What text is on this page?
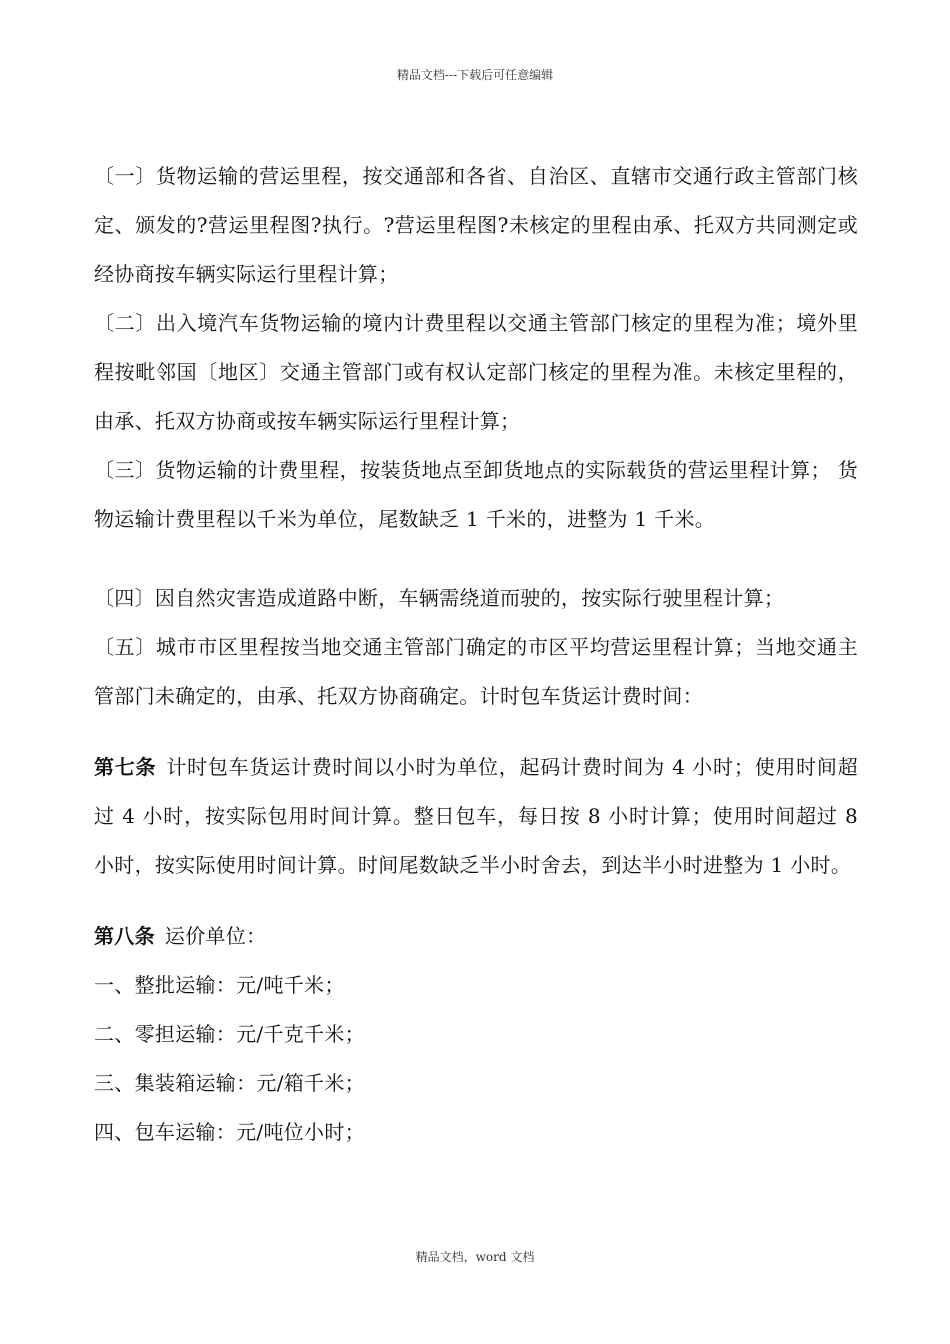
精品文档---下载后可任意编辑

〔一〕货物运输的营运里程，按交通部和各省、自治区、直辖市交通行政主管部门核定、颁发的?营运里程图?执行。?营运里程图?未核定的里程由承、托双方共同测定或经协商按车辆实际运行里程计算；

〔二〕出入境汽车货物运输的境内计费里程以交通主管部门核定的里程为准；境外里程按毗邻国〔地区〕交通主管部门或有权认定部门核定的里程为准。未核定里程的，由承、托双方协商或按车辆实际运行里程计算；

〔三〕货物运输的计费里程，按装货地点至卸货地点的实际载货的营运里程计算； 货物运输计费里程以千米为单位，尾数缺乏 1 千米的，进整为 1 千米。

〔四〕因自然灾害造成道路中断，车辆需绕道而驶的，按实际行驶里程计算；

〔五〕城市市区里程按当地交通主管部门确定的市区平均营运里程计算；当地交通主管部门未确定的，由承、托双方协商确定。计时包车货运计费时间：

第七条 计时包车货运计费时间以小时为单位，起码计费时间为 4 小时；使用时间超过 4 小时，按实际包用时间计算。整日包车，每日按 8 小时计算；使用时间超过 8 小时，按实际使用时间计算。时间尾数缺乏半小时舍去，到达半小时进整为 1 小时。

第八条 运价单位：

一、整批运输：元/吨千米；

二、零担运输：元/千克千米；

三、集装箱运输：元/箱千米；

四、包车运输：元/吨位小时；

精品文档，word 文档
